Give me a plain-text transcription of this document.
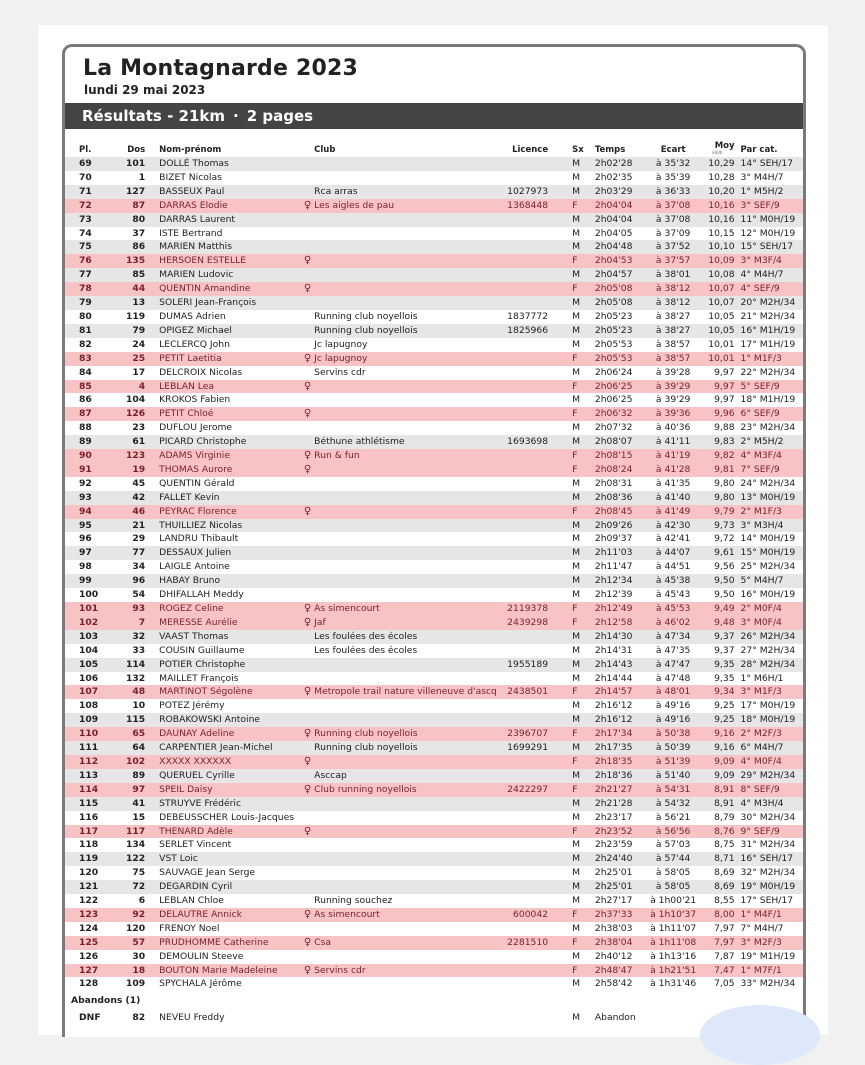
La Montagnarde 2023
lundi 29 mai 2023
Résultats - 21km · 2 pages
Pl.	Dos	Nom-prénom		Club	Licence	Sx	Temps	Ecart	Moy
km/h	Par cat.
69	101	DOLLÉ Thomas				M	2h02'28	à 35'32	10,29	14° SEH/17
70	1	BIZET Nicolas				M	2h02'35	à 35'39	10,28	3° M4H/7
71	127	BASSEUX Paul		Rca arras	1027973	M	2h03'29	à 36'33	10,20	1° M5H/2
72	87	DARRAS Elodie	♀	Les aigles de pau	1368448	F	2h04'04	à 37'08	10,16	3° SEF/9
73	80	DARRAS Laurent				M	2h04'04	à 37'08	10,16	11° M0H/19
74	37	ISTE Bertrand				M	2h04'05	à 37'09	10,15	12° M0H/19
75	86	MARIEN Matthis				M	2h04'48	à 37'52	10,10	15° SEH/17
76	135	HERSOEN ESTELLE	♀			F	2h04'53	à 37'57	10,09	3° M3F/4
77	85	MARIEN Ludovic				M	2h04'57	à 38'01	10,08	4° M4H/7
78	44	QUENTIN Amandine	♀			F	2h05'08	à 38'12	10,07	4° SEF/9
79	13	SOLERI Jean-François				M	2h05'08	à 38'12	10,07	20° M2H/34
80	119	DUMAS Adrien		Running club noyellois	1837772	M	2h05'23	à 38'27	10,05	21° M2H/34
81	79	OPIGEZ Michael		Running club noyellois	1825966	M	2h05'23	à 38'27	10,05	16° M1H/19
82	24	LECLERCQ John		Jc lapugnoy		M	2h05'53	à 38'57	10,01	17° M1H/19
83	25	PETIT Laetitia	♀	Jc lapugnoy		F	2h05'53	à 38'57	10,01	1° M1F/3
84	17	DELCROIX Nicolas		Servins cdr		M	2h06'24	à 39'28	9,97	22° M2H/34
85	4	LEBLAN Lea	♀			F	2h06'25	à 39'29	9,97	5° SEF/9
86	104	KROKOS Fabien				M	2h06'25	à 39'29	9,97	18° M1H/19
87	126	PETIT Chloé	♀			F	2h06'32	à 39'36	9,96	6° SEF/9
88	23	DUFLOU Jerome				M	2h07'32	à 40'36	9,88	23° M2H/34
89	61	PICARD Christophe		Béthune athlétisme	1693698	M	2h08'07	à 41'11	9,83	2° M5H/2
90	123	ADAMS Virginie	♀	Run & fun		F	2h08'15	à 41'19	9,82	4° M3F/4
91	19	THOMAS Aurore	♀			F	2h08'24	à 41'28	9,81	7° SEF/9
92	45	QUENTIN Gérald				M	2h08'31	à 41'35	9,80	24° M2H/34
93	42	FALLET Kevin				M	2h08'36	à 41'40	9,80	13° M0H/19
94	46	PEYRAC Florence	♀			F	2h08'45	à 41'49	9,79	2° M1F/3
95	21	THUILLIEZ Nicolas				M	2h09'26	à 42'30	9,73	3° M3H/4
96	29	LANDRU Thibault				M	2h09'37	à 42'41	9,72	14° M0H/19
97	77	DESSAUX Julien				M	2h11'03	à 44'07	9,61	15° M0H/19
98	34	LAIGLE Antoine				M	2h11'47	à 44'51	9,56	25° M2H/34
99	96	HABAY Bruno				M	2h12'34	à 45'38	9,50	5° M4H/7
100	54	DHIFALLAH Meddy				M	2h12'39	à 45'43	9,50	16° M0H/19
101	93	ROGEZ Celine	♀	As simencourt	2119378	F	2h12'49	à 45'53	9,49	2° M0F/4
102	7	MERESSE Aurélie	♀	Jaf	2439298	F	2h12'58	à 46'02	9,48	3° M0F/4
103	32	VAAST Thomas		Les foulées des écoles		M	2h14'30	à 47'34	9,37	26° M2H/34
104	33	COUSIN Guillaume		Les foulées des écoles		M	2h14'31	à 47'35	9,37	27° M2H/34
105	114	POTIER Christophe			1955189	M	2h14'43	à 47'47	9,35	28° M2H/34
106	132	MAILLET François				M	2h14'44	à 47'48	9,35	1° M6H/1
107	48	MARTINOT Ségolène	♀	Metropole trail nature villeneuve d'ascq	2438501	F	2h14'57	à 48'01	9,34	3° M1F/3
108	10	POTEZ Jérémy				M	2h16'12	à 49'16	9,25	17° M0H/19
109	115	ROBAKOWSKI Antoine				M	2h16'12	à 49'16	9,25	18° M0H/19
110	65	DAUNAY Adeline	♀	Running club noyellois	2396707	F	2h17'34	à 50'38	9,16	2° M2F/3
111	64	CARPENTIER Jean-Michel		Running club noyellois	1699291	M	2h17'35	à 50'39	9,16	6° M4H/7
112	102	XXXXX XXXXXX	♀			F	2h18'35	à 51'39	9,09	4° M0F/4
113	89	QUERUEL Cyrille		Asccap		M	2h18'36	à 51'40	9,09	29° M2H/34
114	97	SPEIL Daisy	♀	Club running noyellois	2422297	F	2h21'27	à 54'31	8,91	8° SEF/9
115	41	STRUYVE Frédéric				M	2h21'28	à 54'32	8,91	4° M3H/4
116	15	DEBEUSSCHER Louis-Jacques				M	2h23'17	à 56'21	8,79	30° M2H/34
117	117	THENARD Adèle	♀			F	2h23'52	à 56'56	8,76	9° SEF/9
118	134	SERLET Vincent				M	2h23'59	à 57'03	8,75	31° M2H/34
119	122	VST Loic				M	2h24'40	à 57'44	8,71	16° SEH/17
120	75	SAUVAGE Jean Serge				M	2h25'01	à 58'05	8,69	32° M2H/34
121	72	DEGARDIN Cyril				M	2h25'01	à 58'05	8,69	19° M0H/19
122	6	LEBLAN Chloe		Running souchez		M	2h27'17	à 1h00'21	8,55	17° SEH/17
123	92	DELAUTRE Annick	♀	As simencourt	600042	F	2h37'33	à 1h10'37	8,00	1° M4F/1
124	120	FRENOY Noel				M	2h38'03	à 1h11'07	7,97	7° M4H/7
125	57	PRUDHOMME Catherine	♀	Csa	2281510	F	2h38'04	à 1h11'08	7,97	3° M2F/3
126	30	DEMOULIN Steeve				M	2h40'12	à 1h13'16	7,87	19° M1H/19
127	18	BOUTON Marie Madeleine	♀	Servins cdr		F	2h48'47	à 1h21'51	7,47	1° M7F/1
128	109	SPYCHALA Jérôme				M	2h58'42	à 1h31'46	7,05	33° M2H/34
Abandons (1)										
DNF	82	NEVEU Freddy				M	Abandon			
